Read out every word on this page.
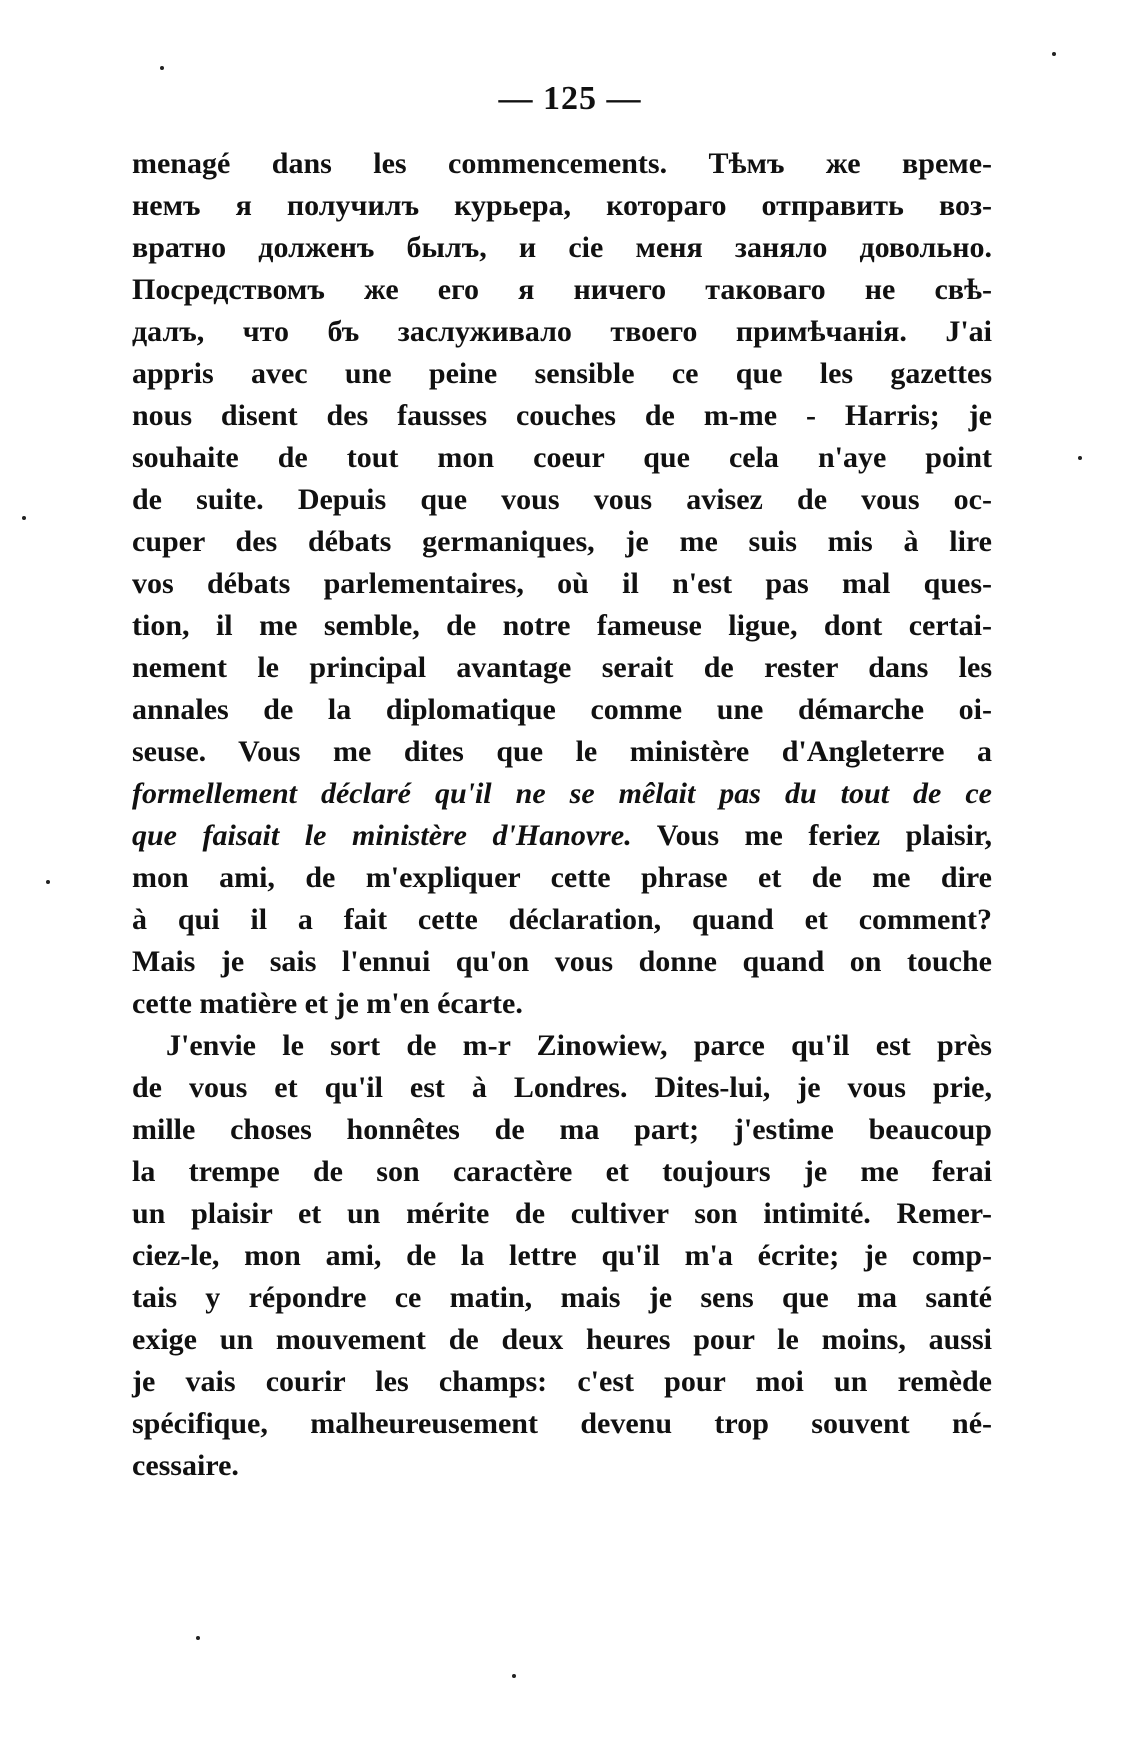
— 125 —
menagé dans les commencements. Тѣмъ же време-
немъ я получилъ курьера, котораго отправить воз-
вратно долженъ былъ, и сіе меня заняло довольно.
Посредствомъ же его я ничего таковаго не свѣ-
далъ, что бъ заслуживало твоего примѣчанія. J'ai
appris avec une peine sensible ce que les gazettes
nous disent des fausses couches de m-me - Harris; je
souhaite de tout mon coeur que cela n'aye point
de suite. Depuis que vous vous avisez de vous oc-
cuper des débats germaniques, je me suis mis à lire
vos débats parlementaires, où il n'est pas mal ques-
tion, il me semble, de notre fameuse ligue, dont certai-
nement le principal avantage serait de rester dans les
annales de la diplomatique comme une démarche oi-
seuse. Vous me dites que le ministère d'Angleterre a
formellement déclaré qu'il ne se mêlait pas du tout de ce
que faisait le ministère d'Hanovre. Vous me feriez plaisir,
mon ami, de m'expliquer cette phrase et de me dire
à qui il a fait cette déclaration, quand et comment?
Mais je sais l'ennui qu'on vous donne quand on touche
cette matière et je m'en écarte.
J'envie le sort de m-r Zinowiew, parce qu'il est près
de vous et qu'il est à Londres. Dites-lui, je vous prie,
mille choses honnêtes de ma part; j'estime beaucoup
la trempe de son caractère et toujours je me ferai
un plaisir et un mérite de cultiver son intimité. Remer-
ciez-le, mon ami, de la lettre qu'il m'a écrite; je comp-
tais y répondre ce matin, mais je sens que ma santé
exige un mouvement de deux heures pour le moins, aussi
je vais courir les champs: c'est pour moi un remède
spécifique, malheureusement devenu trop souvent né-
cessaire.
